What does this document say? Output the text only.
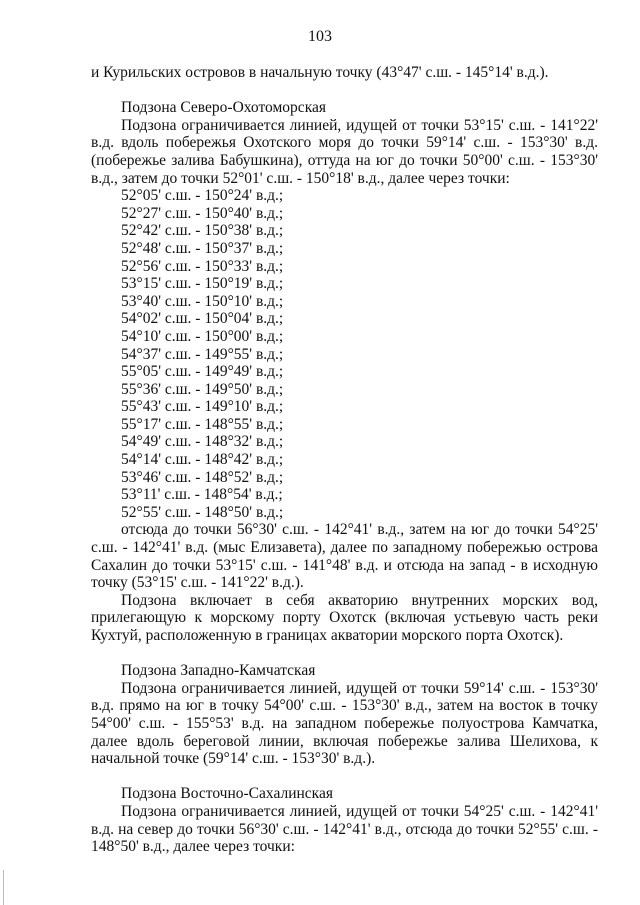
103

и Курильских островов в начальную точку (43°47' с.ш. - 145°14' в.д.).

Подзона Северо-Охотоморская

Подзона ограничивается линией, идущей от точки 53°15' с.ш. - 141°22' в.д. вдоль побережья Охотского моря до точки 59°14' с.ш. - 153°30' в.д. (побережье залива Бабушкина), оттуда на юг до точки 50°00' с.ш. - 153°30' в.д., затем до точки 52°01' с.ш. - 150°18' в.д., далее через точки:

52°05' с.ш. - 150°24' в.д.;

52°27' с.ш. - 150°40' в.д.;

52°42' с.ш. - 150°38' в.д.;

52°48' с.ш. - 150°37' в.д.;

52°56' с.ш. - 150°33' в.д.;

53°15' с.ш. - 150°19' в.д.;

53°40' с.ш. - 150°10' в.д.;

54°02' с.ш. - 150°04' в.д.;

54°10' с.ш. - 150°00' в.д.;

54°37' с.ш. - 149°55' в.д.;

55°05' с.ш. - 149°49' в.д.;

55°36' с.ш. - 149°50' в.д.;

55°43' с.ш. - 149°10' в.д.;

55°17' с.ш. - 148°55' в.д.;

54°49' с.ш. - 148°32' в.д.;

54°14' с.ш. - 148°42' в.д.;

53°46' с.ш. - 148°52' в.д.;

53°11' с.ш. - 148°54' в.д.;

52°55' с.ш. - 148°50' в.д.;

отсюда до точки 56°30' с.ш. - 142°41' в.д., затем на юг до точки 54°25' с.ш. - 142°41' в.д. (мыс Елизавета), далее по западному побережью острова Сахалин до точки 53°15' с.ш. - 141°48' в.д. и отсюда на запад - в исходную точку (53°15' с.ш. - 141°22' в.д.).

Подзона включает в себя акваторию внутренних морских вод, прилегающую к морскому порту Охотск (включая устьевую часть реки Кухтуй, расположенную в границах акватории морского порта Охотск).

Подзона Западно-Камчатская

Подзона ограничивается линией, идущей от точки 59°14' с.ш. - 153°30' в.д. прямо на юг в точку 54°00' с.ш. - 153°30' в.д., затем на восток в точку 54°00' с.ш. - 155°53' в.д. на западном побережье полуострова Камчатка, далее вдоль береговой линии, включая побережье залива Шелихова, к начальной точке (59°14' с.ш. - 153°30' в.д.).

Подзона Восточно-Сахалинская

Подзона ограничивается линией, идущей от точки 54°25' с.ш. - 142°41' в.д. на север до точки 56°30' с.ш. - 142°41' в.д., отсюда до точки 52°55' с.ш. - 148°50' в.д., далее через точки:
